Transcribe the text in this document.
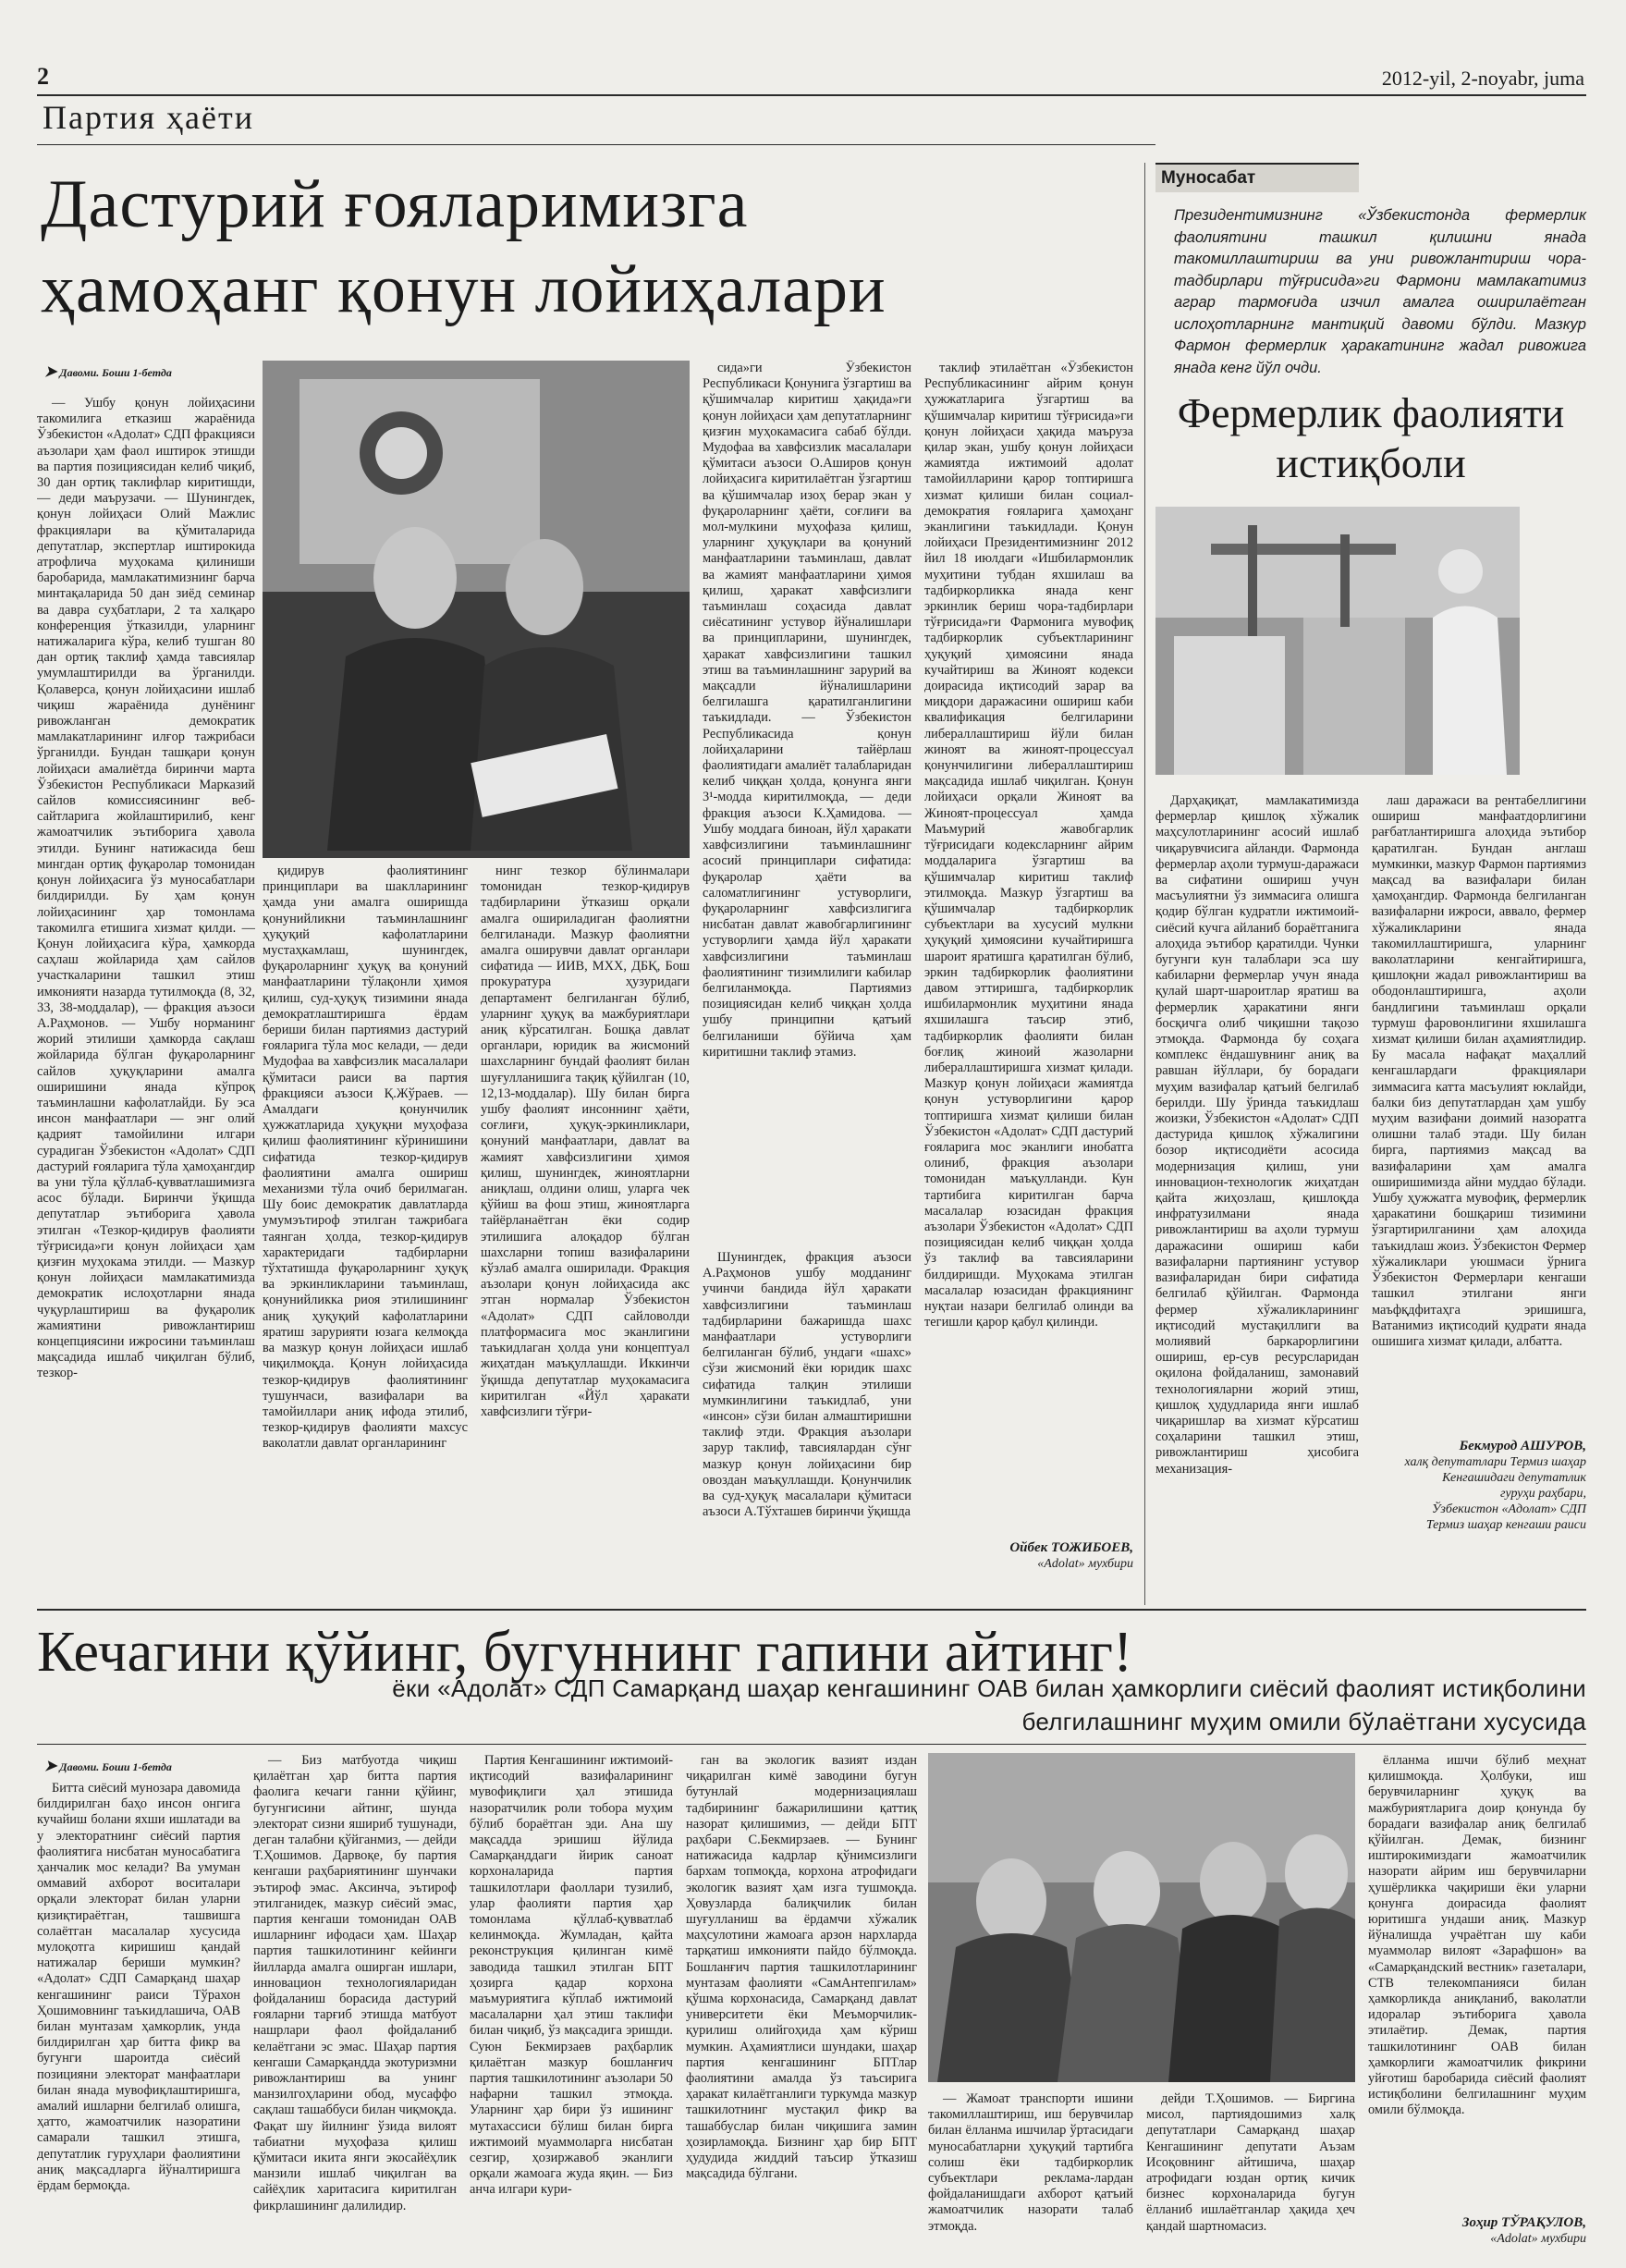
2	2012-yil, 2-noyabr, juma
Партия ҳаёти
Дастурий ғояларимизга
ҳамоҳанг қонун лойиҳалари
➤ Давоми. Боши 1-бетда

— Ушбу қонун лойиҳасини такомилига етказиш жараёнида Ўзбекистон «Адолат» СДП фракцияси аъзолари ҳам фаол иштирок этишди ва партия позициясидан келиб чиқиб, 30 дан ортиқ таклифлар киритишди, — деди маърузачи. — Шунингдек, қонун лойиҳаси Олий Мажлис фракциялари ва қўмиталарида депутатлар, экспертлар иштирокида атрофлича муҳокама қилиниши баробарида, мамлакатимизнинг барча минтақаларида 50 дан зиёд семинар ва давра суҳбатлари, 2 та халқаро конференция ўтказилди, уларнинг натижаларига кўра, келиб тушган 80 дан ортиқ таклиф ҳамда тавсиялар умумлаштирилди ва ўрганилди. Қолаверса, қонун лойиҳасини ишлаб чиқиш жараёнида дунёнинг ривожланган демократик мамлакатларининг илғор тажрибаси ўрганилди. Бундан ташқари қонун лойиҳаси амалиётда биринчи марта Ўзбекистон Республикаси Марказий сайлов комиссиясининг веб-сайтларига жойлаштирилиб, кенг жамоатчилик эътиборига ҳавола этилди. Бунинг натижасида беш мингдан ортиқ фуқаролар томонидан қонун лойиҳасига ўз муносабатлари билдирилди. Бу ҳам қонун лойиҳасининг ҳар томонлама такомилга етишига хизмат қилди. — Қонун лойиҳасига кўра, ҳамкорда саҳлаш жойларида ҳам сайлов участкаларини ташкил этиш имконияти назарда тутилмоқда (8, 32, 33, 38-моддалар), — фракция аъзоси А.Раҳмонов. — Ушбу норманинг жорий этилиши ҳамкорда сақлаш жойларида бўлган фуқароларнинг сайлов ҳуқуқларини амалга оширишини янада кўпроқ таъминлашни кафолатлайди. Бу эса инсон манфаатлари — энг олий қадрият тамойилини илгари сурадиган Ўзбекистон «Адолат» СДП дастурий ғояларига тўла ҳамоҳангдир ва уни тўла қўллаб-қувватлашимизга асос бўлади. Биринчи ўқишда депутатлар эътиборига ҳавола этилган «Тезкор-қидирув фаолияти тўғрисида»ги қонун лойиҳаси ҳам қизғин муҳокама этилди. — Мазкур қонун лойиҳаси мамлакатимизда демократик ислоҳотларни янада чуқурлаштириш ва фуқаролик жамиятини ривожлантириш концепциясини ижросини таъминлаш мақсадида ишлаб чиқилган бўлиб, тезкор-

қидирув фаолиятининг принциплари ва шаклларининг ҳамда уни амалга оширишда қонунийликни таъминлашнинг ҳуқуқий кафолатларини мустаҳкамлаш, шунингдек, фуқароларнинг ҳуқуқ ва қонуний манфаатларини тўлақонли ҳимоя қилиш, суд-ҳуқуқ тизимини янада демократлаштиришга ёрдам бериши билан партиямиз дастурий ғояларига тўла мос келади, — деди Мудофаа ва хавфсизлик масалалари қўмитаси раиси ва партия фракцияси аъзоси Қ.Жўраев. — Амалдаги қонунчилик ҳужжатларида ҳуқуқни муҳофаза қилиш фаолиятининг кўринишини сифатида тезкор-қидирув фаолиятини амалга ошириш механизми тўла очиб берилмаган. Шу боис демократик давлатларда умумэътироф этилган тажрибага таянган ҳолда, тезкор-қидирув характеридаги тадбирларни тўхтатишда фуқароларнинг ҳуқуқ ва эркинликларини таъминлаш, қонунийликка риоя этилишининг аниқ ҳуқуқий кафолатларини яратиш зарурияти юзага келмоқда ва мазкур қонун лойиҳаси ишлаб чиқилмоқда. Қонун лойиҳасида тезкор-қидирув фаолиятининг тушунчаси, вазифалари ва тамойиллари аниқ ифода этилиб, тезкор-қидирув фаолияти махсус ваколатли давлат органларининг

нинг тезкор бўлинмалари томонидан тезкор-қидирув тадбирларини ўтказиш орқали амалга ошириладиган фаолиятни белгиланади. Мазкур фаолиятни амалга оширувчи давлат органлари сифатида — ИИВ, МХХ, ДБҚ, Бош прокуратура ҳузуридаги департамент белгиланган бўлиб, уларнинг ҳуқуқ ва мажбуриятлари аниқ кўрсатилган. Бошқа давлат органлари, юридик ва жисмоний шахсларнинг бундай фаолият билан шуғулланишига тақиқ қўйилган (10, 12,13-моддалар). Шу билан бирга ушбу фаолият инсоннинг ҳаёти, соғлиғи, ҳуқуқ-эркинликлари, қонуний манфаатлари, давлат ва жамият хавфсизлигини ҳимоя қилиш, шунингдек, жиноятларни аниқлаш, олдини олиш, уларга чек қўйиш ва фош этиш, жиноятларга тайёрланаётган ёки содир этилишига алоқадор бўлган шахсларни топиш вазифаларини кўзлаб амалга оширилади. Фракция аъзолари қонун лойиҳасида акс этган нормалар Ўзбекистон «Адолат» СДП сайловолди платформасига мос эканлигини таъкидлаган ҳолда уни концептуал жиҳатдан маъқуллашди. Иккинчи ўқишда депутатлар муҳокамасига киритилган «Йўл ҳаракати хавфсизлиги тўғри-

сида»ги Ўзбекистон Республикаси Қонунига ўзгартиш ва қўшимчалар киритиш ҳақида»ги қонун лойиҳаси ҳам депутатларнинг қизғин муҳокамасига сабаб бўлди. Мудофаа ва хавфсизлик масалалари қўмитаси аъзоси О.Аширов қонун лойиҳасига киритилаётган ўзгартиш ва қўшимчалар изоҳ берар экан у фуқароларнинг ҳаёти, соғлиғи ва мол-мулкини муҳофаза қилиш, уларнинг ҳуқуқлари ва қонуний манфаатларини таъминлаш, давлат ва жамият манфаатларини ҳимоя қилиш, ҳаракат хавфсизлиги таъминлаш соҳасида давлат сиёсатининг устувор йўналишлари ва принципларини, шунингдек, ҳаракат хавфсизлигини ташкил этиш ва таъминлашнинг зарурий ва мақсадли йўналишларини белгилашга қаратилганлигини таъкидлади. — Ўзбекистон Республикасида қонун лойиҳаларини тайёрлаш фаолиятидаги амалиёт талабларидан келиб чиққан ҳолда, қонунга янги 3¹-модда киритилмоқда, — деди фракция аъзоси К.Ҳамидова. — Ушбу моддага биноан, йўл ҳаракати хавфсизлигини таъминлашнинг асосий принциплари сифатида: фуқаролар ҳаёти ва саломатлигининг устуворлиги, фуқароларнинг хавфсизлигига нисбатан давлат жавобгарлигининг устуворлиги ҳамда йўл ҳаракати хавфсизлигини таъминлаш фаолиятининг тизимлилиги кабилар белгиланмоқда. Партиямиз позициясидан келиб чиққан ҳолда ушбу принципни қатъий белгиланиши бўйича ҳам киритишни таклиф этамиз.

Шунингдек, фракция аъзоси А.Раҳмонов ушбу модданинг учинчи бандида йўл ҳаракати хавфсизлигини таъминлаш тадбирларини бажаришда шахс манфаатлари устуворлиги белгиланган бўлиб, ундаги «шахс» сўзи жисмоний ёки юридик шахс сифатида талқин этилиши мумкинлигини таъкидлаб, уни «инсон» сўзи билан алмаштиришни таклиф этди. Фракция аъзолари зарур таклиф, тавсиялардан сўнг мазкур қонун лойиҳасини бир овоздан маъқуллашди. Қонунчилик ва суд-ҳуқуқ масалалари қўмитаси аъзоси А.Тўхташев биринчи ўқишда

таклиф этилаётган «Ўзбекистон Республикасининг айрим қонун ҳужжатларига ўзгартиш ва қўшимчалар киритиш тўғрисида»ги қонун лойиҳаси ҳақида маъруза қилар экан, ушбу қонун лойиҳаси жамиятда ижтимоий адолат тамойилларини қарор топтиришга хизмат қилиши билан социал-демократия ғояларига ҳамоҳанг эканлигини таъкидлади. Қонун лойиҳаси Президентимизнинг 2012 йил 18 июлдаги «Ишбилармонлик муҳитини тубдан яхшилаш ва тадбиркорликка янада кенг эркинлик бериш чора-тадбирлари тўғрисида»ги Фармонига мувофиқ тадбиркорлик субъектларининг ҳуқуқий ҳимоясини янада кучайтириш ва Жиноят кодекси доирасида иқтисодий зарар ва миқдори даражасини ошириш каби квалификация белгиларини либераллаштириш йўли билан жиноят ва жиноят-процессуал қонунчилигини либераллаштириш мақсадида ишлаб чиқилган. Қонун лойиҳаси орқали Жиноят ва Жиноят-процессуал ҳамда Маъмурий жавобгарлик тўғрисидаги кодексларнинг айрим моддаларига ўзгартиш ва қўшимчалар киритиш таклиф этилмоқда. Мазкур ўзгартиш ва қўшимчалар тадбиркорлик субъектлари ва хусусий мулкни ҳуқуқий ҳимоясини кучайтиришга шароит яратишга қаратилган бўлиб, эркин тадбиркорлик фаолиятини давом эттиришга, тадбиркорлик ишбилармонлик муҳитини янада яхшилашга таъсир этиб, тадбиркорлик фаолияти билан боғлиқ жиноий жазоларни либераллаштиришга хизмат қилади. Мазкур қонун лойиҳаси жамиятда қонун устуворлигини қарор топтиришга хизмат қилиши билан Ўзбекистон «Адолат» СДП дастурий ғояларига мос эканлиги инобатга олиниб, фракция аъзолари томонидан маъқулланди. Кун тартибига киритилган барча масалалар юзасидан фракция аъзолари Ўзбекистон «Адолат» СДП позициясидан келиб чиққан ҳолда ўз таклиф ва тавсияларини билдиришди. Муҳокама этилган масалалар юзасидан фракциянинг нуқтаи назари белгилаб олинди ва тегишли қарор қабул қилинди.

Ойбек ТОЖИБОЕВ,
«Adolat» мухбири
Муносабат
Президентимизнинг «Ўзбекистонда фермерлик фаолиятини ташкил қилишни янада такомиллаштириш ва уни ривожлантириш чора-тадбирлари тўғрисида»ги Фармони мамлакатимиз аграр тармоғида изчил амалга оширилаётган ислоҳотларнинг мантиқий давоми бўлди. Мазкур Фармон фермерлик ҳаракатининг жадал ривожига янада кенг йўл очди.
Фермерлик фаолияти
истиқболи

Дарҳақиқат, мамлакатимизда фермерлар қишлоқ хўжалик маҳсулотларининг асосий ишлаб чиқарувчисига айланди. Фармонда фермерлар аҳоли турмуш-даражаси ва сифатини ошириш учун масъулиятни ўз зиммасига олишга қодир бўлган кудратли ижтимоий-сиёсий кучга айланиб бораётганига алоҳида эътибор қаратилди. Чунки бугунги кун талаблари эса шу кабиларни фермерлар учун янада қулай шарт-шароитлар яратиш ва фермерлик ҳаракатини янги босқичга олиб чиқишни тақозо этмоқда. Фармонда бу соҳага комплекс ёндашувнинг аниқ ва равшан йўллари, бу борадаги муҳим вазифалар қатъий белгилаб берилди. Шу ўринда таъкидлаш жоизки, Ўзбекистон «Адолат» СДП дастурида қишлоқ хўжалигини бозор иқтисодиёти асосида модернизация қилиш, уни инновацион-технологик жиҳатдан қайта жиҳозлаш, қишлоқда инфратузилмани янада ривожлантириш ва аҳоли турмуш даражасини ошириш каби вазифаларни партиянинг устувор вазифаларидан бири сифатида белгилаб қўйилган. Фармонда фермер хўжаликларининг иқтисодий мустақиллиги ва молиявий баркарорлигини ошириш, ер-сув ресурсларидан оқилона фойдаланиш, замонавий технологияларни жорий этиш, қишлоқ ҳудудларида янги ишлаб чиқаришлар ва хизмат кўрсатиш соҳаларини ташкил этиш, ривожлантириш ҳисобига механизация-

лаш даражаси ва рентабеллигини ошириш манфаатдорлигини рағбатлантиришга алоҳида эътибор қаратилган. Бундан англаш мумкинки, мазкур Фармон партиямиз мақсад ва вазифалари билан ҳамоҳангдир. Фармонда белгиланган вазифаларни ижроси, аввало, фермер хўжаликларини янада такомиллаштиришга, уларнинг ваколатларини кенгайтиришга, қишлоқни жадал ривожлантириш ва ободонлаштиришга, аҳоли бандлигини таъминлаш орқали турмуш фаровонлигини яхшилашга хизмат қилиши билан аҳамиятлидир. Бу масала нафақат маҳаллий кенгашлардаги фракциялари зиммасига катта масъулият юклайди, балки биз депутатлардан ҳам ушбу муҳим вазифани доимий назоратга олишни талаб этади. Шу билан бирга, партиямиз мақсад ва вазифаларини ҳам амалга оширишимизда айни муддао бўлади. Ушбу ҳужжатга мувофиқ, фермерлик ҳаракатини бошқариш тизимини ўзгартирилганини ҳам алоҳида таъкидлаш жоиз. Ўзбекистон Фермер хўжаликлари уюшмаси ўрнига Ўзбекистон Фермерлари кенгаши ташкил этилгани янги маъфқдфитаҳга эришишга, Ватанимиз иқтисодий қудрати янада ошишига хизмат қилади, албатта.

Бекмурод АШУРОВ,
халқ депутатлари Термиз шаҳар
Кенгашидаги депутатлик
гуруҳи раҳбари,
Ўзбекистон «Адолат» СДП
Термиз шаҳар кенгаши раиси
Кечагини қўйинг, бугуннинг гапини айтинг!
ёки «Адолат» СДП Самарқанд шаҳар кенгашининг ОАВ билан ҳамкорлиги сиёсий фаолият истиқболини
белгилашнинг муҳим омили бўлаётгани хусусида
➤ Давоми. Боши 1-бетда

Битта сиёсий мунозара давомида билдирилган баҳо инсон онгига кучайиш болани яхши ишлатади ва у электоратнинг сиёсий партия фаолиятига нисбатан муносабатига ҳанчалик мос келади? Ва умуман оммавий ахборот воситалари орқали электорат билан уларни қизиқтираётган, ташвишга солаётган масалалар хусусида мулоқотга киришиш қандай натижалар бериши мумкин? «Адолат» СДП Самарқанд шаҳар кенгашининг раиси Тўрахон Ҳошимовнинг таъкидлашича, ОАВ билан мунтазам ҳамкорлик, унда билдирилган ҳар битта фикр ва бугунги шароитда сиёсий позицияни электорат манфаатлари билан янада мувофиқлаштиришга, амалий ишларни белгилаб олишга, ҳатто, жамоатчилик назоратини самарали ташкил этишга, депутатлик гуруҳлари фаолиятини аниқ мақсадларга йўналтиришга ёрдам бермоқда.

— Биз матбуотда чиқиш қилаётган ҳар битта партия фаолига кечаги ганни қўйинг, бугунгисини айтинг, шунда электорат сизни яшириб тушунади, деган талабни қўйганмиз, — дейди Т.Ҳошимов. Дарвоқе, бу партия кенгаши раҳбариятининг шунчаки эътироф эмас. Аксинча, эътироф этилганидек, мазкур сиёсий эмас, партия кенгаши томонидан ОАВ ишларнинг ифодаси ҳам. Шаҳар партия ташкилотининг кейинги йилларда амалга оширган ишлари, инновацион технологияларидан фойдаланиш борасида дастурий ғояларни тарғиб этишда матбуот нашрлари фаол фойдаланиб келаётгани эс эмас. Шаҳар партия кенгаши Самарқандда экотуризмни ривожлантириш ва унинг манзилгоҳларини обод, мусаффо сақлаш ташаббуси билан чиқмоқда. Фақат шу йилнинг ўзида вилоят табиатни муҳофаза қилиш қўмитаси икита янги экосайёҳлик манзили ишлаб чиқилган ва сайёҳлик харитасига киритилган фикрлашининг далилидир.

Партия Кенгашининг ижтимоий-иқтисодий вазифаларининг мувофиқлиги ҳал этишида назоратчилик роли тобора муҳим бўлиб бораётган эди. Ана шу мақсадда эришиш йўлида Самарқанддаги йирик саноат корхоналарида партия ташкилотлари фаоллари тузилиб, улар фаолияти партия ҳар томонлама қўллаб-қувватлаб келинмоқда. Жумладан, қайта реконструкция қилинган кимё заводида ташкил этилган БПТ ҳозирга қадар корхона маъмуриятига кўплаб ижтимоий масалаларни ҳал этиш таклифи билан чиқиб, ўз мақсадига эришди. Суюн Бекмирзаев раҳбарлик қилаётган мазкур бошланғич партия ташкилотининг аъзолари 50 нафарни ташкил этмоқда. Уларнинг ҳар бири ўз ишининг мутахассиси бўлиш билан бирга ижтимоий муаммоларга нисбатан сезгир, ҳозиржавоб эканлиги орқали жамоага жуда яқин. — Биз анча илгари кури-

ган ва экологик вазият издан чиқарилган кимё заводини бугун бутунлай модернизациялаш тадбирининг бажарилишини қаттиқ назорат қилишимиз, — дейди БПТ раҳбари С.Бекмирзаев. — Бунинг натижасида кадрлар қўнимсизлиги бархам топмоқда, корхона атрофидаги экологик вазият ҳам изга тушмоқда. Ҳовузларда балиқчилик билан шуғулланиш ва ёрдамчи хўжалик маҳсулотини жамоага арзон нархларда тарқатиш имконияти пайдо бўлмоқда. Бошланғич партия ташкилотларининг мунтазам фаолияти «СамАнтепгилам» қўшма корхонасида, Самарқанд давлат университети ёки Меъморчилик-қурилиш олийгоҳида ҳам кўриш мумкин. Аҳамиятлиси шундаки, шаҳар партия кенгашининг БПТлар фаолиятини амалда ўз таъсирига ҳаракат килаётганлиги туркумда мазкур ташкилотнинг мустақил фикр ва ташаббуслар билан чиқишига замин ҳозирламоқда. Бизнинг ҳар бир БПТ ҳудудида жиддий таъсир ўтказиш мақсадида бўлгани.

— Жамоат транспорти ишини такомиллаштириш, иш берувчилар билан ёлланма ишчилар ўртасидаги муносабатларни ҳуқуқий тартибга солиш ёки тадбиркорлик субъектлари реклама-лардан фойдаланишдаги ахборот қатъий жамоатчилик назорати талаб этмоқда.

дейди Т.Ҳошимов. — Биргина мисол, партиядошимиз халқ депутатлари Самарқанд шаҳар Кенгашининг депутати Аъзам Исоқовнинг айтишича, шаҳар атрофидаги юздан ортиқ кичик бизнес корхоналарида бугун ёлланиб ишлаётганлар ҳақида ҳеч қандай шартномасиз.

ёлланма ишчи бўлиб меҳнат қилишмоқда. Ҳолбуки, иш берувчиларнинг ҳуқуқ ва мажбуриятларига доир қонунда бу борадаги вазифалар аниқ белгилаб қўйилган. Демак, бизнинг иштирокимиздаги жамоатчилик назорати айрим иш берувчиларни ҳушёрликка чақириши ёки уларни қонунга доирасида фаолият юритишга ундаши аниқ. Мазкур йўналишда учраётган шу каби муаммолар вилоят «Зарафшон» ва «Самарқандский вестник» газеталари, СТВ телекомпанияси билан ҳамкорликда аниқланиб, ваколатли идоралар эътиборига ҳавола этилаётир. Демак, партия ташкилотининг ОАВ билан ҳамкорлиги жамоатчилик фикрини уйғотиш баробарида сиёсий фаолият истиқболини белгилашнинг муҳим омили бўлмоқда.

Зоҳир ТЎРАҚУЛОВ,
«Adolat» мухбири
